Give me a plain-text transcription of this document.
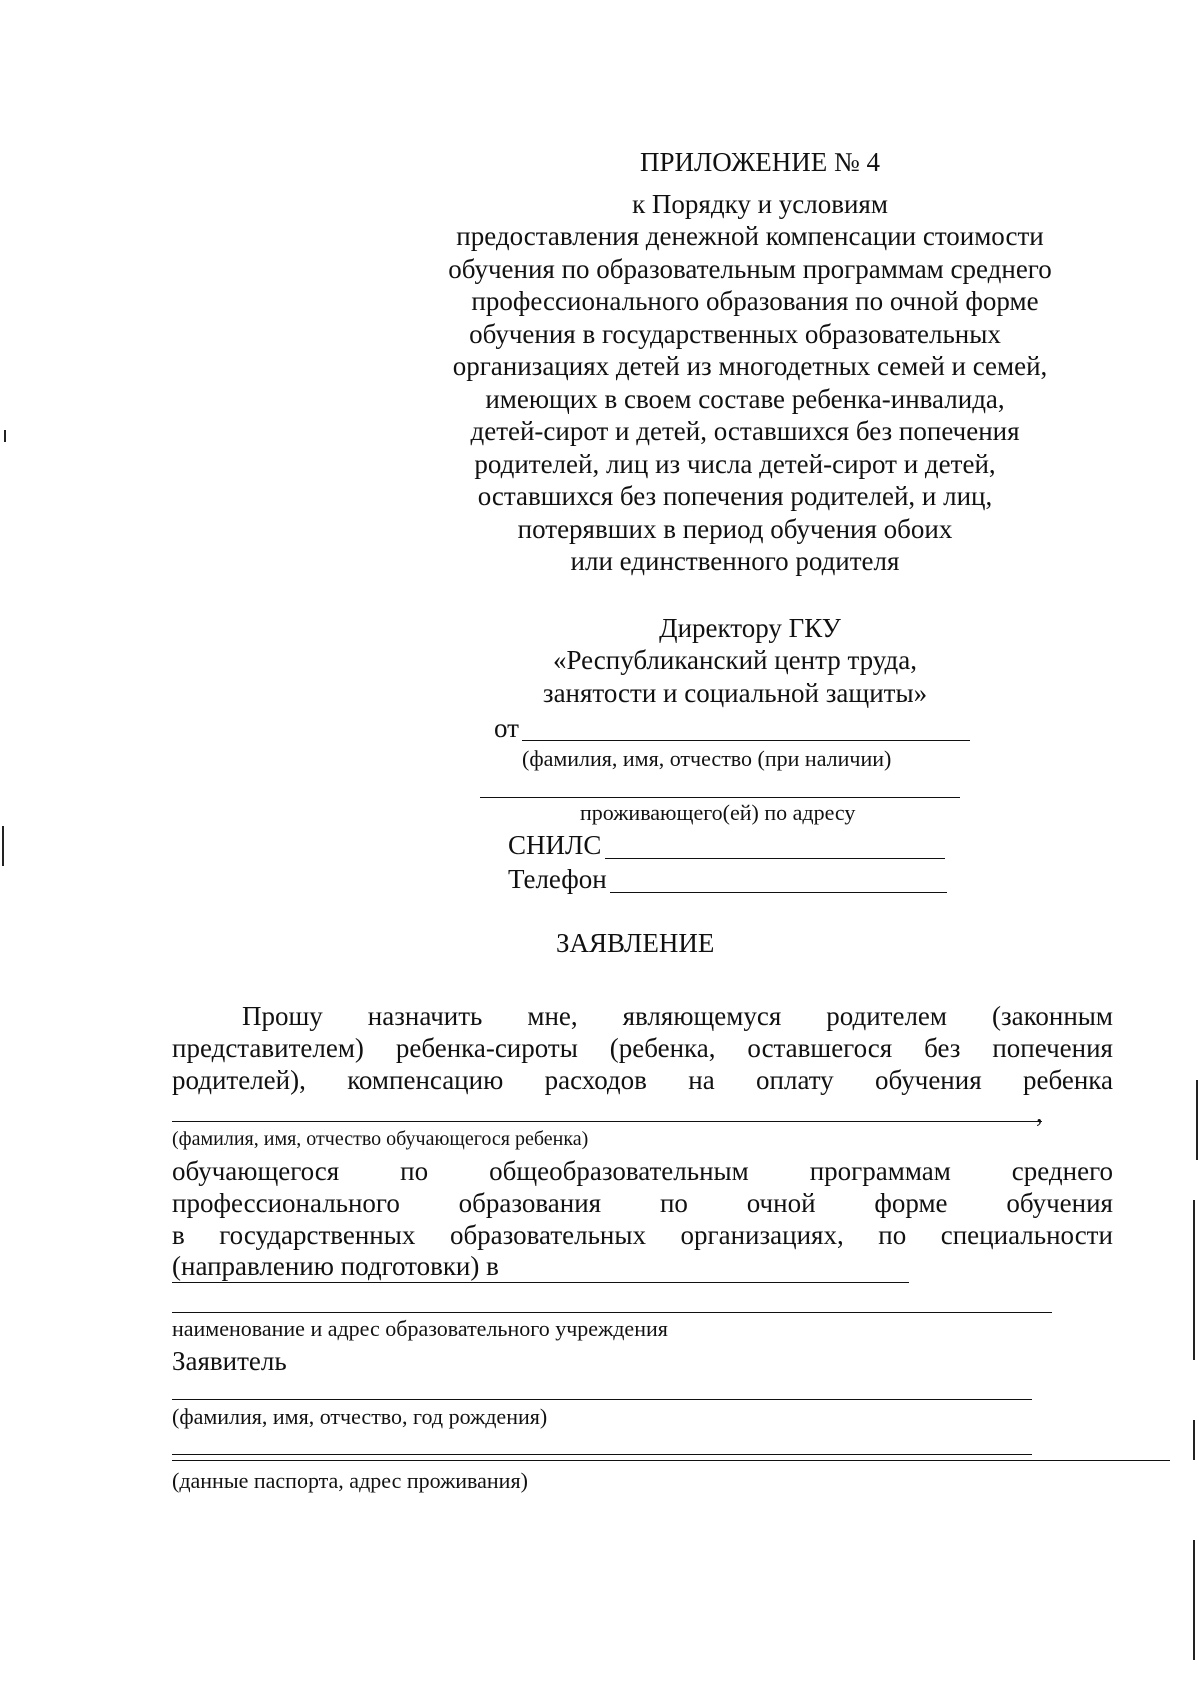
ПРИЛОЖЕНИЕ № 4
к Порядку и условиям
предоставления денежной компенсации стоимости
обучения по образовательным программам среднего
профессионального образования по очной форме
обучения в государственных образовательных
организациях детей из многодетных семей и семей,
имеющих в своем составе ребенка-инвалида,
детей-сирот и детей, оставшихся без попечения
родителей, лиц из числа детей-сирот и детей,
оставшихся без попечения родителей, и лиц,
потерявших в период обучения обоих
или единственного родителя
Директору ГКУ
«Республиканский центр труда,
занятости и социальной защиты»
от
(фамилия, имя, отчество (при наличии)
проживающего(ей) по адресу
СНИЛС
Телефон
ЗАЯВЛЕНИЕ
Прошу назначить мне, являющемуся родителем (законным
представителем) ребенка-сироты (ребенка, оставшегося без попечения
родителей), компенсацию расходов на оплату обучения ребенка
,
(фамилия, имя, отчество обучающегося ребенка)
обучающегося по общеобразовательным программам среднего
профессионального образования по очной форме обучения
в государственных образовательных организациях, по специальности
(направлению подготовки) в
наименование и адрес образовательного учреждения
Заявитель
(фамилия, имя, отчество, год рождения)
(данные паспорта, адрес проживания)
